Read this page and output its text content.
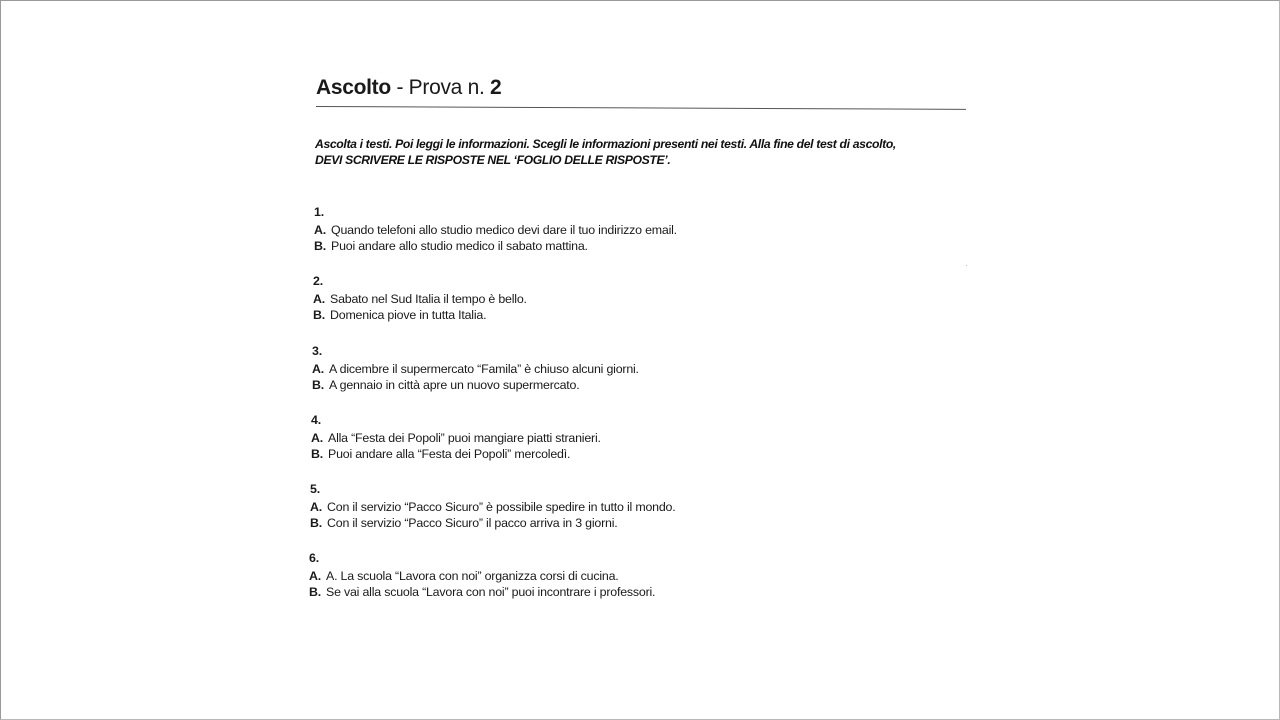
Ascolto - Prova n. 2
Ascolta i testi. Poi leggi le informazioni. Scegli le informazioni presenti nei testi. Alla fine del test di ascolto,
DEVI SCRIVERE LE RISPOSTE NEL ‘FOGLIO DELLE RISPOSTE’.
1.
A. Quando telefoni allo studio medico devi dare il tuo indirizzo email.
B. Puoi andare allo studio medico il sabato mattina.
2.
A. Sabato nel Sud Italia il tempo è bello.
B. Domenica piove in tutta Italia.
3.
A. A dicembre il supermercato “Famila” è chiuso alcuni giorni.
B. A gennaio in città apre un nuovo supermercato.
4.
A. Alla “Festa dei Popoli” puoi mangiare piatti stranieri.
B. Puoi andare alla “Festa dei Popoli” mercoledì.
5.
A. Con il servizio “Pacco Sicuro” è possibile spedire in tutto il mondo.
B. Con il servizio “Pacco Sicuro” il pacco arriva in 3 giorni.
6.
A. A. La scuola “Lavora con noi” organizza corsi di cucina.
B. Se vai alla scuola “Lavora con noi” puoi incontrare i professori.
